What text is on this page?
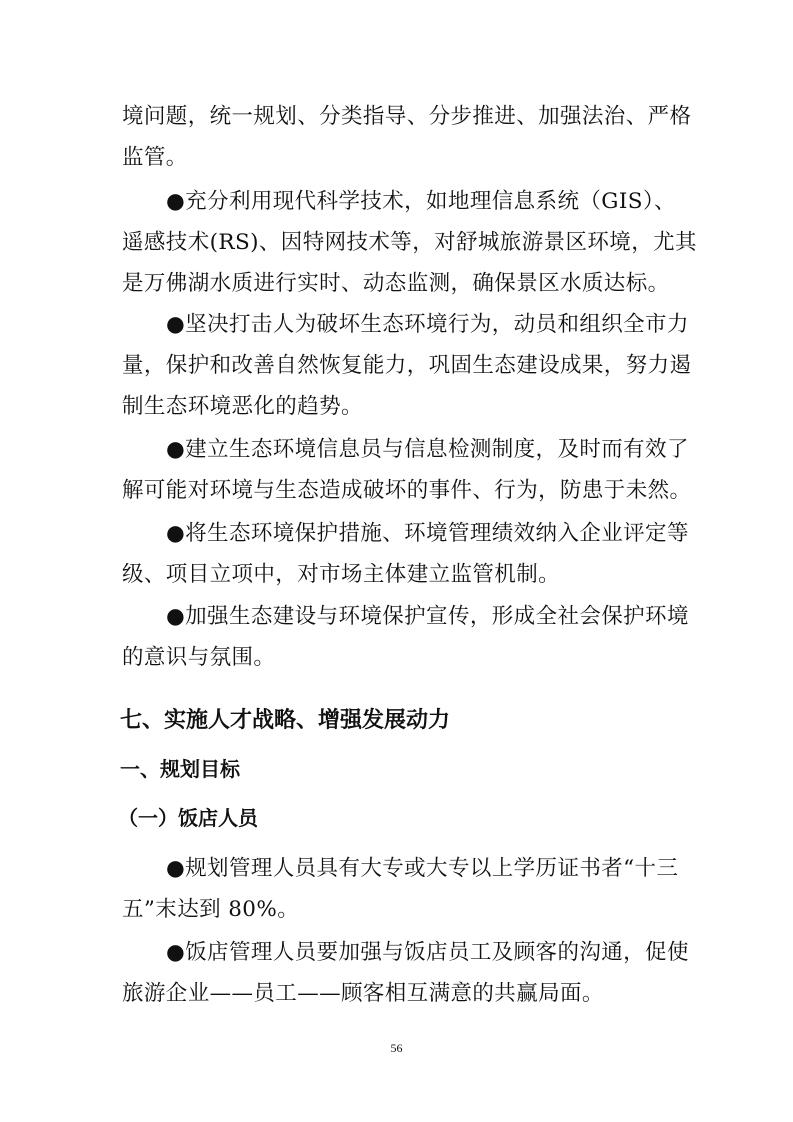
境问题，统一规划、分类指导、分步推进、加强法治、严格
监管。
●充分利用现代科学技术，如地理信息系统（GIS）、
遥感技术(RS)、因特网技术等，对舒城旅游景区环境，尤其
是万佛湖水质进行实时、动态监测，确保景区水质达标。
●坚决打击人为破坏生态环境行为，动员和组织全市力
量，保护和改善自然恢复能力，巩固生态建设成果，努力遏
制生态环境恶化的趋势。
●建立生态环境信息员与信息检测制度，及时而有效了
解可能对环境与生态造成破坏的事件、行为，防患于未然。
●将生态环境保护措施、环境管理绩效纳入企业评定等
级、项目立项中，对市场主体建立监管机制。
●加强生态建设与环境保护宣传，形成全社会保护环境
的意识与氛围。
七、实施人才战略、增强发展动力
一、规划目标
（一）饭店人员
●规划管理人员具有大专或大专以上学历证书者“十三
五”末达到 80%。
●饭店管理人员要加强与饭店员工及顾客的沟通，促使
旅游企业——员工——顾客相互满意的共赢局面。
56
